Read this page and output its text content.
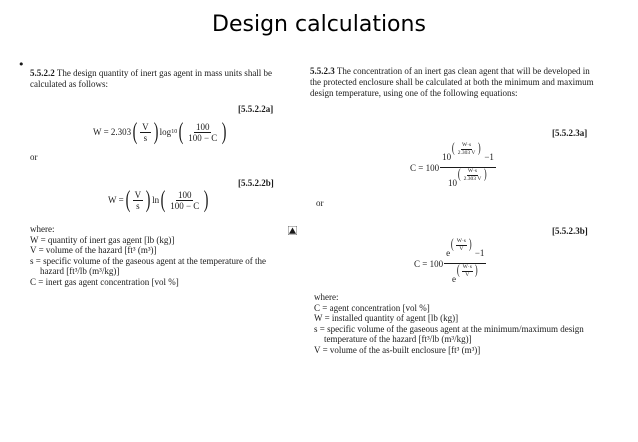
Design calculations
•

5.5.2.2 The design quantity of inert gas agent in mass units shall be calculated as follows:

[5.5.2.2a]
W = 2.303 ( $\frac{V}{s}$ ) log 10 ( $\frac{100}{100 - C}$ )
or
[5.5.2.2b]
W = ( $\frac{V}{s}$ ) ln ( $\frac{100}{100 - C}$ )
where:
W = quantity of inert gas agent [lb (kg)]
V = volume of the hazard [ft³ (m³)]
s = specific volume of the gaseous agent at the temperature of the hazard [ft³/lb (m³/kg)]
C = inert gas agent concentration [vol %]

5.5.2.3 The concentration of an inert gas clean agent that will be developed in the protected enclosure shall be calculated at both the minimum and maximum design temperature, using one of the following equations:

[5.5.2.3a]
C = 100 10
( $\frac{W\cdot s}{2.303 V}$ )
−1
10
( $\frac{W\cdot s}{2.303 V}$ )
or
[5.5.2.3b]
C = 100 e
( $\frac{W\cdot s}{V}$ )
−1
e
( $\frac{W\cdot s}{V}$ )
where:
C = agent concentration [vol %]
W = installed quantity of agent [lb (kg)]
s = specific volume of the gaseous agent at the minimum/maximum design temperature of the hazard [ft³/lb (m³/kg)]
V = volume of the as-built enclosure [ft³ (m³)]
